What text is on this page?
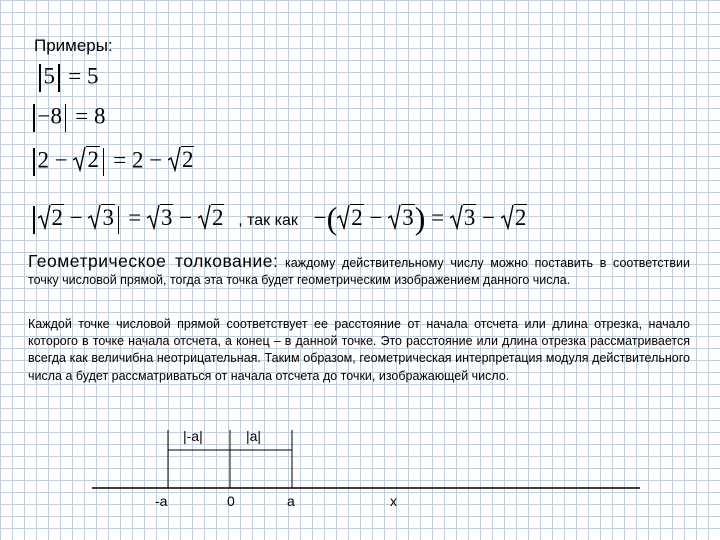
Примеры:
5 = 5
−8 = 8
2 − 2 = 2 − 2
2 − 3 = 3 − 2 , так как −( 2 − 3) = 3 − 2
Геометрическое толкование: каждому действительному числу можно поставить в соответствии точку числовой прямой, тогда эта точка будет геометрическим изображением данного числа.
Каждой точке числовой прямой соответствует ее расстояние от начала отсчета или длина отрезка, начало которого в точке начала отсчета, а конец – в данной точке. Это расстояние или длина отрезка рассматривается всегда как величибна неотрицательная. Таким образом, геометрическая интерпретация модуля действительного числа а будет рассматриваться от начала отсчета до точки, изображающей число.
|-a|	|a|
-a	0	a	x
